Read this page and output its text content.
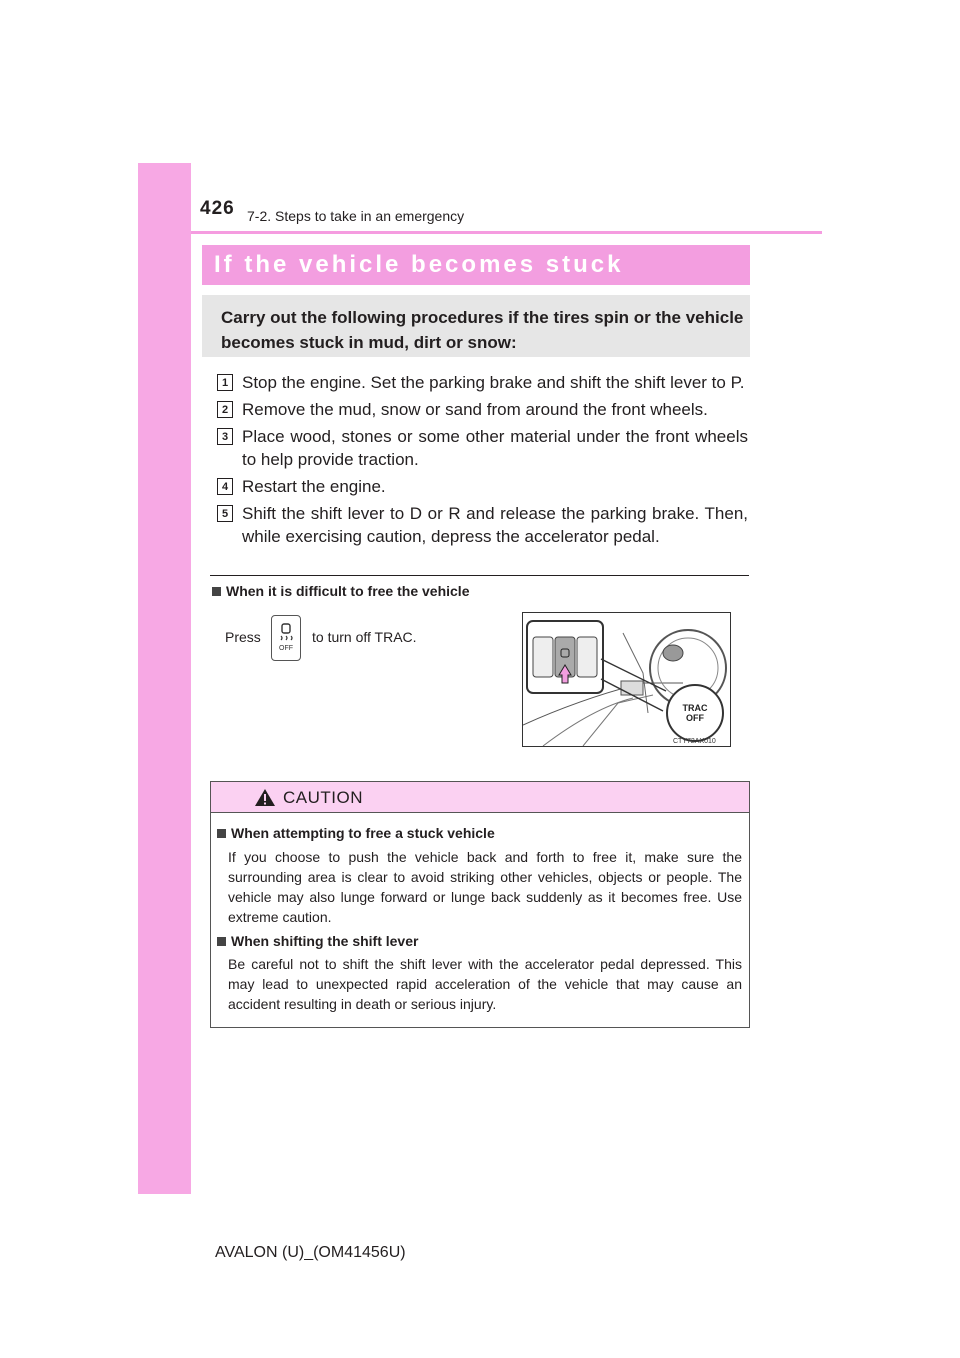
426 7-2. Steps to take in an emergency
If the vehicle becomes stuck
Carry out the following procedures if the tires spin or the vehicle becomes stuck in mud, dirt or snow:
1 Stop the engine. Set the parking brake and shift the shift lever to P.
2 Remove the mud, snow or sand from around the front wheels.
3 Place wood, stones or some other material under the front wheels to help provide traction.
4 Restart the engine.
5 Shift the shift lever to D or R and release the parking brake. Then, while exercising caution, depress the accelerator pedal.
When it is difficult to free the vehicle
Press
OFF
to turn off TRAC.
TRAC
OFF
CTY72AX010
CAUTION
When attempting to free a stuck vehicle
If you choose to push the vehicle back and forth to free it, make sure the surrounding area is clear to avoid striking other vehicles, objects or people. The vehicle may also lunge forward or lunge back suddenly as it becomes free. Use extreme caution.
When shifting the shift lever
Be careful not to shift the shift lever with the accelerator pedal depressed. This may lead to unexpected rapid acceleration of the vehicle that may cause an accident resulting in death or serious injury.
AVALON (U)_(OM41456U)
